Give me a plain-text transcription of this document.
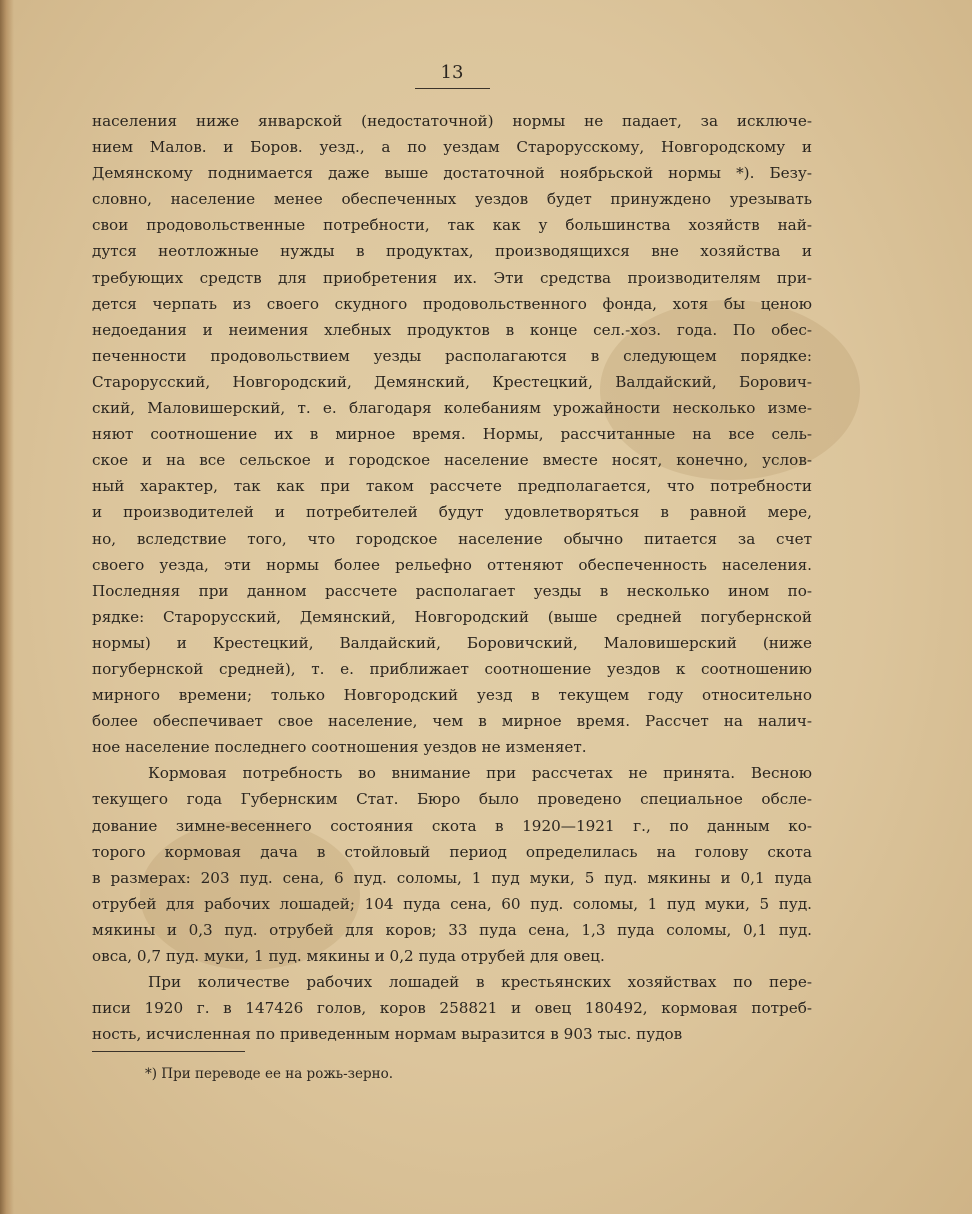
13
населения ниже январской (недостаточной) нормы не падает, за исключе-
нием Малов. и Боров. уезд., а по уездам Старорусскому, Новгородскому и
Демянскому поднимается даже выше достаточной ноябрьской нормы *). Безу-
словно, население менее обеспеченных уездов будет принуждено урезывать
свои продовольственные потребности, так как у большинства хозяйств най-
дутся неотложные нужды в продуктах, производящихся вне хозяйства и
требующих средств для приобретения их. Эти средства производителям при-
дется черпать из своего скудного продовольственного фонда, хотя бы ценою
недоедания и неимения хлебных продуктов в конце сел.-хоз. года. По обес-
печенности продовольствием уезды располагаются в следующем порядке:
Старорусский, Новгородский, Демянский, Крестецкий, Валдайский, Борович-
ский, Маловишерский, т. е. благодаря колебаниям урожайности несколько изме-
няют соотношение их в мирное время. Нормы, рассчитанные на все сель-
ское и на все сельское и городское население вместе носят, конечно, услов-
ный характер, так как при таком рассчете предполагается, что потребности
и производителей и потребителей будут удовлетворяться в равной мере,
но, вследствие того, что городское население обычно питается за счет
своего уезда, эти нормы более рельефно оттеняют обеспеченность населения.
Последняя при данном рассчете располагает уезды в несколько ином по-
рядке: Старорусский, Демянский, Новгородский (выше средней погубернской
нормы) и Крестецкий, Валдайский, Боровичский, Маловишерский (ниже
погубернской средней), т. е. приближает соотношение уездов к соотношению
мирного времени; только Новгородский уезд в текущем году относительно
более обеспечивает свое население, чем в мирное время. Рассчет на налич-
ное население последнего соотношения уездов не изменяет.
Кормовая потребность во внимание при рассчетах не принята. Весною
текущего года Губернским Стат. Бюро было проведено специальное обсле-
дование зимне-весеннего состояния скота в 1920—1921 г., по данным ко-
торого кормовая дача в стойловый период определилась на голову скота
в размерах: 203 пуд. сена, 6 пуд. соломы, 1 пуд муки, 5 пуд. мякины и 0,1 пуда
отрубей для рабочих лошадей; 104 пуда сена, 60 пуд. соломы, 1 пуд муки, 5 пуд.
мякины и 0,3 пуд. отрубей для коров; 33 пуда сена, 1,3 пуда соломы, 0,1 пуд.
овса, 0,7 пуд. муки, 1 пуд. мякины и 0,2 пуда отрубей для овец.
При количестве рабочих лошадей в крестьянских хозяйствах по пере-
писи 1920 г. в 147426 голов, коров 258821 и овец 180492, кормовая потреб-
ность, исчисленная по приведенным нормам выразится в 903 тыс. пудов
*) При переводе ее на рожь-зерно.
